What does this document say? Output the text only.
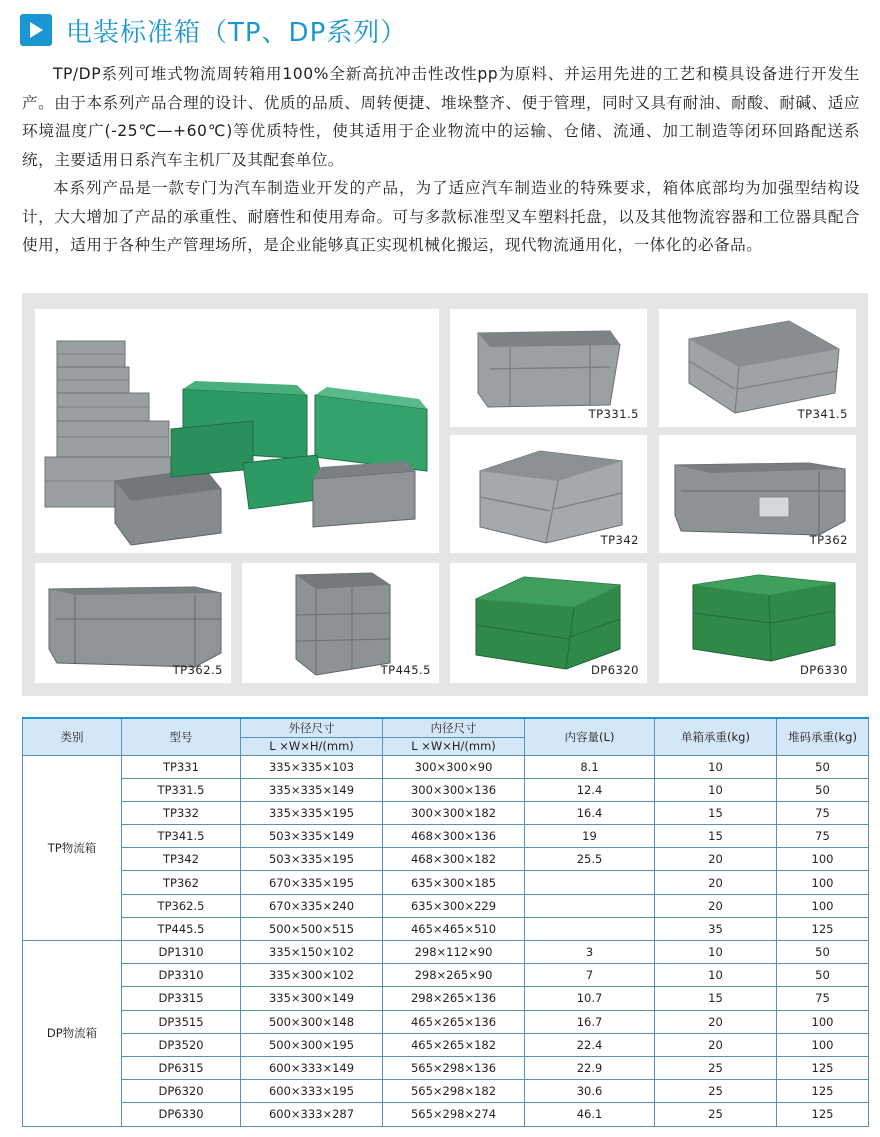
电装标准箱（TP、DP系列）

TP/DP系列可堆式物流周转箱用100%全新高抗冲击性改性pp为原料、并运用先进的工艺和模具设备进行开发生产。由于本系列产品合理的设计、优质的品质、周转便捷、堆垛整齐、便于管理，同时又具有耐油、耐酸、耐碱、适应环境温度广(-25℃—+60℃)等优质特性，使其适用于企业物流中的运输、仓储、流通、加工制造等闭环回路配送系统，主要适用日系汽车主机厂及其配套单位。

本系列产品是一款专门为汽车制造业开发的产品，为了适应汽车制造业的特殊要求，箱体底部均为加强型结构设计，大大增加了产品的承重性、耐磨性和使用寿命。可与多款标准型叉车塑料托盘，以及其他物流容器和工位器具配合使用，适用于各种生产管理场所，是企业能够真正实现机械化搬运，现代物流通用化，一体化的必备品。

TP331.5	TP341.5
TP342	TP362
TP362.5	TP445.5	DP6320	DP6330
类别	型号	外径尺寸	内径尺寸	内容量(L)	单箱承重(kg)	堆码承重(kg)
		L ×W×H/(mm)	L ×W×H/(mm)			
TP物流箱	TP331	335×335×103	300×300×90	8.1	10	50
	TP331.5	335×335×149	300×300×136	12.4	10	50
	TP332	335×335×195	300×300×182	16.4	15	75
	TP341.5	503×335×149	468×300×136	19	15	75
	TP342	503×335×195	468×300×182	25.5	20	100
	TP362	670×335×195	635×300×185		20	100
	TP362.5	670×335×240	635×300×229		20	100
	TP445.5	500×500×515	465×465×510		35	125
DP物流箱	DP1310	335×150×102	298×112×90	3	10	50
	DP3310	335×300×102	298×265×90	7	10	50
	DP3315	335×300×149	298×265×136	10.7	15	75
	DP3515	500×300×148	465×265×136	16.7	20	100
	DP3520	500×300×195	465×265×182	22.4	20	100
	DP6315	600×333×149	565×298×136	22.9	25	125
	DP6320	600×333×195	565×298×182	30.6	25	125
	DP6330	600×333×287	565×298×274	46.1	25	125
